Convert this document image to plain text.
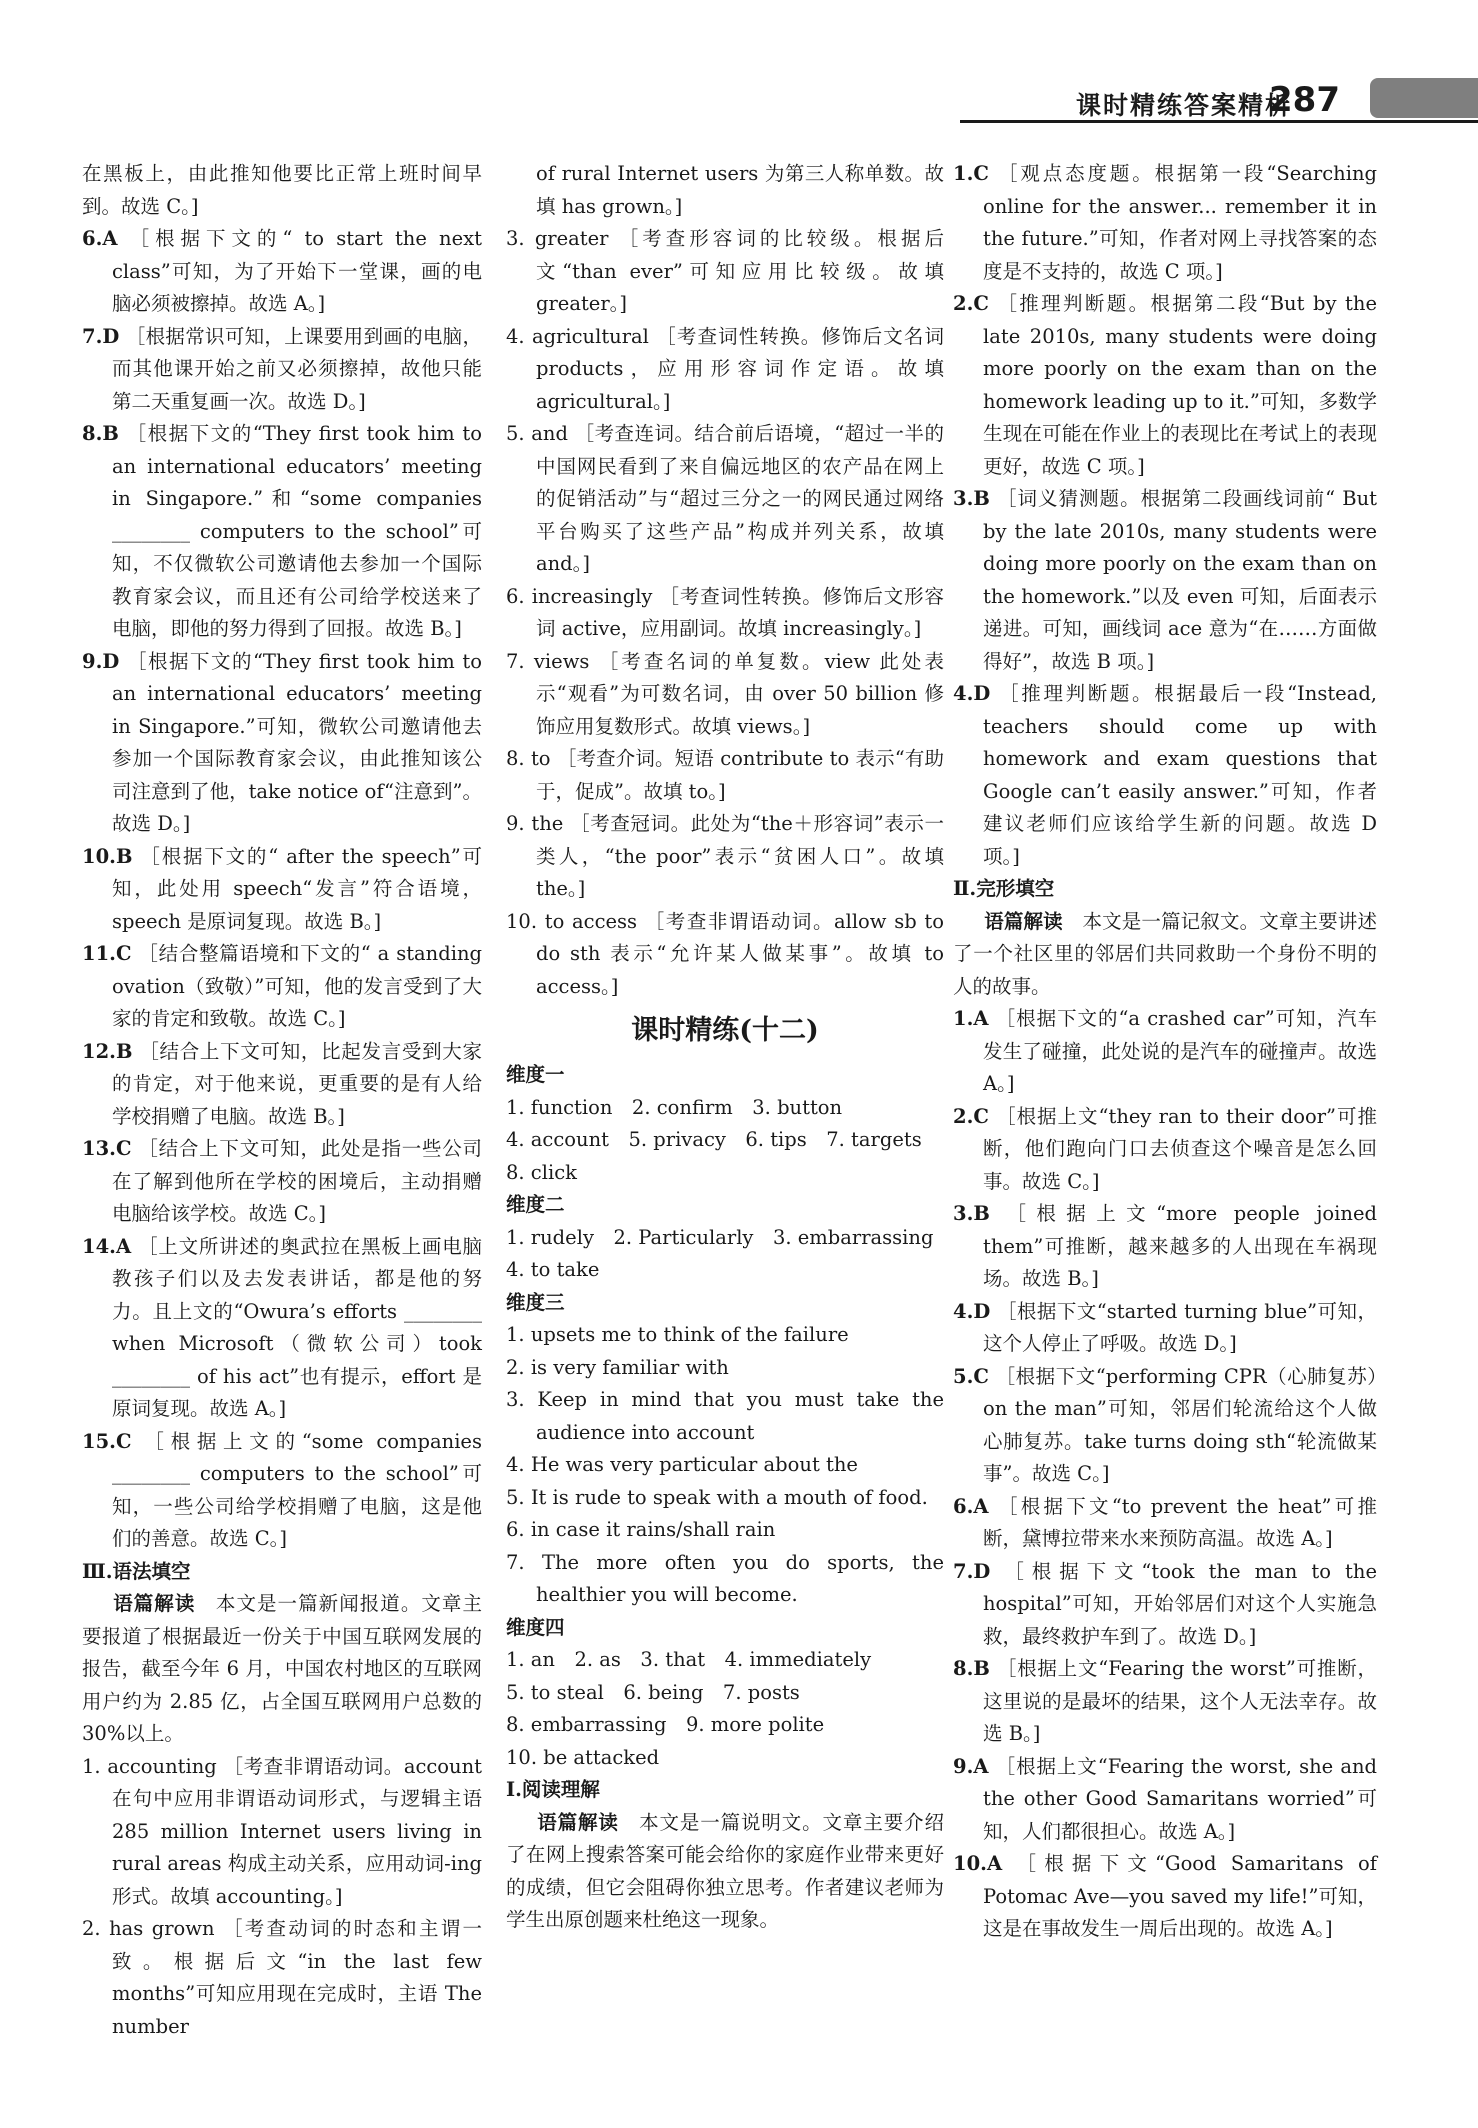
课时精练答案精析
287

在黑板上，由此推知他要比正常上班时间早到。故选 C。]

6.A ［根据下文的“ to start the next class”可知，为了开始下一堂课，画的电脑必须被擦掉。故选 A。]

7.D ［根据常识可知，上课要用到画的电脑，而其他课开始之前又必须擦掉，故他只能第二天重复画一次。故选 D。]

8.B ［根据下文的“They first took him to an international educators’ meeting in Singapore.”和“some companies ________ computers to the school”可知，不仅微软公司邀请他去参加一个国际教育家会议，而且还有公司给学校送来了电脑，即他的努力得到了回报。故选 B。]

9.D ［根据下文的“They first took him to an international educators’ meeting in Singapore.”可知，微软公司邀请他去参加一个国际教育家会议，由此推知该公司注意到了他，take notice of“注意到”。故选 D。]

10.B ［根据下文的“ after the speech”可知，此处用 speech“发言”符合语境，speech 是原词复现。故选 B。]

11.C ［结合整篇语境和下文的“ a standing ovation（致敬）”可知，他的发言受到了大家的肯定和致敬。故选 C。]

12.B ［结合上下文可知，比起发言受到大家的肯定，对于他来说，更重要的是有人给学校捐赠了电脑。故选 B。]

13.C ［结合上下文可知，此处是指一些公司在了解到他所在学校的困境后，主动捐赠电脑给该学校。故选 C。]

14.A ［上文所讲述的奥武拉在黑板上画电脑教孩子们以及去发表讲话，都是他的努力。且上文的“Owura’s efforts ________ when Microsoft（微软公司）took ________ of his act”也有提示，effort 是原词复现。故选 A。]

15.C ［根据上文的“some companies ________ computers to the school”可知，一些公司给学校捐赠了电脑，这是他们的善意。故选 C。]

Ⅲ.语法填空

语篇解读　 本文是一篇新闻报道。文章主要报道了根据最近一份关于中国互联网发展的报告，截至今年 6 月，中国农村地区的互联网用户约为 2.85 亿，占全国互联网用户总数的 30%以上。

1. accounting ［考查非谓语动词。account 在句中应用非谓语动词形式，与逻辑主语 285 million Internet users living in rural areas 构成主动关系，应用动词-ing 形式。故填 accounting。]

2. has grown ［考查动词的时态和主谓一致。根据后文“in the last few months”可知应用现在完成时，主语 The number

of rural Internet users 为第三人称单数。故填 has grown。]

3. greater ［考查形容词的比较级。根据后文“than ever”可知应用比较级。故填 greater。]

4. agricultural ［考查词性转换。修饰后文名词 products，应用形容词作定语。故填 agricultural。]

5. and ［考查连词。结合前后语境，“超过一半的中国网民看到了来自偏远地区的农产品在网上的促销活动”与“超过三分之一的网民通过网络平台购买了这些产品”构成并列关系，故填 and。]

6. increasingly ［考查词性转换。修饰后文形容词 active，应用副词。故填 increasingly。]

7. views ［考查名词的单复数。view 此处表示“观看”为可数名词，由 over 50 billion 修饰应用复数形式。故填 views。]

8. to ［考查介词。短语 contribute to 表示“有助于，促成”。故填 to。]

9. the ［考查冠词。此处为“the＋形容词”表示一类人，“the poor”表示“贫困人口”。故填 the。]

10. to access ［考查非谓语动词。allow sb to do sth 表示“允许某人做某事”。故填 to access。]

课时精练(十二)

维度一

1. function　2. confirm　3. button

4. account　5. privacy　6. tips　7. targets

8. click

维度二

1. rudely　2. Particularly　3. embarrassing

4. to take

维度三

1. upsets me to think of the failure

2. is very familiar with

3. Keep in mind that you must take the audience into account

4. He was very particular about the

5. It is rude to speak with a mouth of food.

6. in case it rains/shall rain

7. The more often you do sports, the healthier you will become.

维度四

1. an　2. as　3. that　4. immediately

5. to steal　6. being　7. posts

8. embarrassing　9. more polite

10. be attacked

Ⅰ.阅读理解

语篇解读　 本文是一篇说明文。文章主要介绍了在网上搜索答案可能会给你的家庭作业带来更好的成绩，但它会阻碍你独立思考。作者建议老师为学生出原创题来杜绝这一现象。

1.C ［观点态度题。根据第一段“Searching online for the answer... remember it in the future.”可知，作者对网上寻找答案的态度是不支持的，故选 C 项。]

2.C ［推理判断题。根据第二段“But by the late 2010s, many students were doing more poorly on the exam than on the homework leading up to it.”可知，多数学生现在可能在作业上的表现比在考试上的表现更好，故选 C 项。]

3.B ［词义猜测题。根据第二段画线词前“ But by the late 2010s, many students were doing more poorly on the exam than on the homework.”以及 even 可知，后面表示递进。可知，画线词 ace 意为“在……方面做得好”，故选 B 项。]

4.D ［推理判断题。根据最后一段“Instead, teachers should come up with homework and exam questions that Google can’t easily answer.”可知，作者建议老师们应该给学生新的问题。故选 D 项。]

Ⅱ.完形填空

语篇解读　 本文是一篇记叙文。文章主要讲述了一个社区里的邻居们共同救助一个身份不明的人的故事。

1.A ［根据下文的“a crashed car”可知，汽车发生了碰撞，此处说的是汽车的碰撞声。故选 A。]

2.C ［根据上文“they ran to their door”可推断，他们跑向门口去侦查这个噪音是怎么回事。故选 C。]

3.B ［根据上文“more people joined them”可推断，越来越多的人出现在车祸现场。故选 B。]

4.D ［根据下文“started turning blue”可知，这个人停止了呼吸。故选 D。]

5.C ［根据下文“performing CPR（心肺复苏）on the man”可知，邻居们轮流给这个人做心肺复苏。take turns doing sth“轮流做某事”。故选 C。]

6.A ［根据下文“to prevent the heat”可推断，黛博拉带来水来预防高温。故选 A。]

7.D ［根据下文“took the man to the hospital”可知，开始邻居们对这个人实施急救，最终救护车到了。故选 D。]

8.B ［根据上文“Fearing the worst”可推断，这里说的是最坏的结果，这个人无法幸存。故选 B。]

9.A ［根据上文“Fearing the worst, she and the other Good Samaritans worried”可知，人们都很担心。故选 A。]

10.A ［根据下文“Good Samaritans of Potomac Ave—you saved my life!”可知，这是在事故发生一周后出现的。故选 A。]
